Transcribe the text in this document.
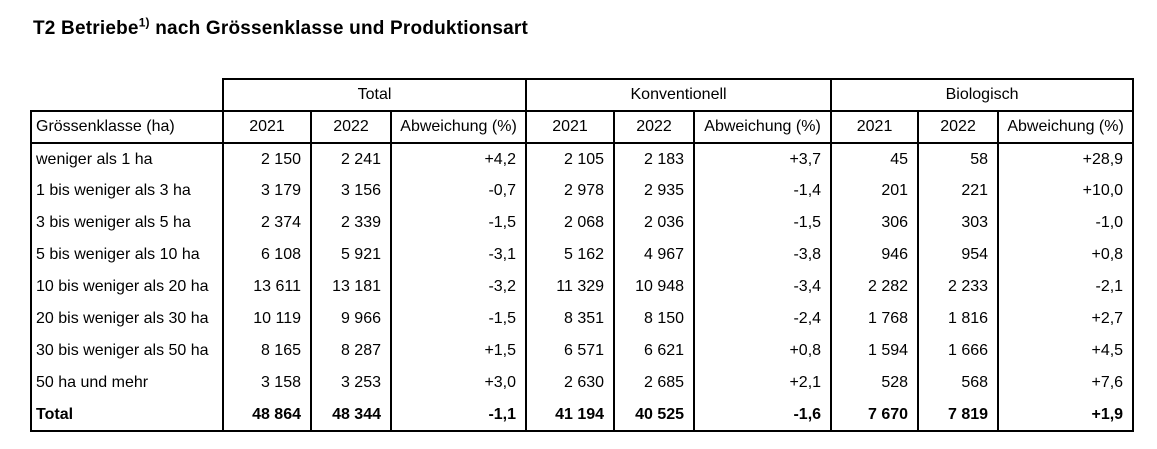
T2 Betriebe$^{1)}$ nach Grössenklasse und Produktionsart
	Total			Konventionell			Biologisch		
Grössenklasse (ha)	2021	2022	Abweichung (%)	2021	2022	Abweichung (%)	2021	2022	Abweichung (%)
weniger als 1 ha	2 150	2 241	+4,2	2 105	2 183	+3,7	45	58	+28,9
1 bis weniger als 3 ha	3 179	3 156	-0,7	2 978	2 935	-1,4	201	221	+10,0
3 bis weniger als 5 ha	2 374	2 339	-1,5	2 068	2 036	-1,5	306	303	-1,0
5 bis weniger als 10 ha	6 108	5 921	-3,1	5 162	4 967	-3,8	946	954	+0,8
10 bis weniger als 20 ha	13 611	13 181	-3,2	11 329	10 948	-3,4	2 282	2 233	-2,1
20 bis weniger als 30 ha	10 119	9 966	-1,5	8 351	8 150	-2,4	1 768	1 816	+2,7
30 bis weniger als 50 ha	8 165	8 287	+1,5	6 571	6 621	+0,8	1 594	1 666	+4,5
50 ha und mehr	3 158	3 253	+3,0	2 630	2 685	+2,1	528	568	+7,6
Total	48 864	48 344	-1,1	41 194	40 525	-1,6	7 670	7 819	+1,9
